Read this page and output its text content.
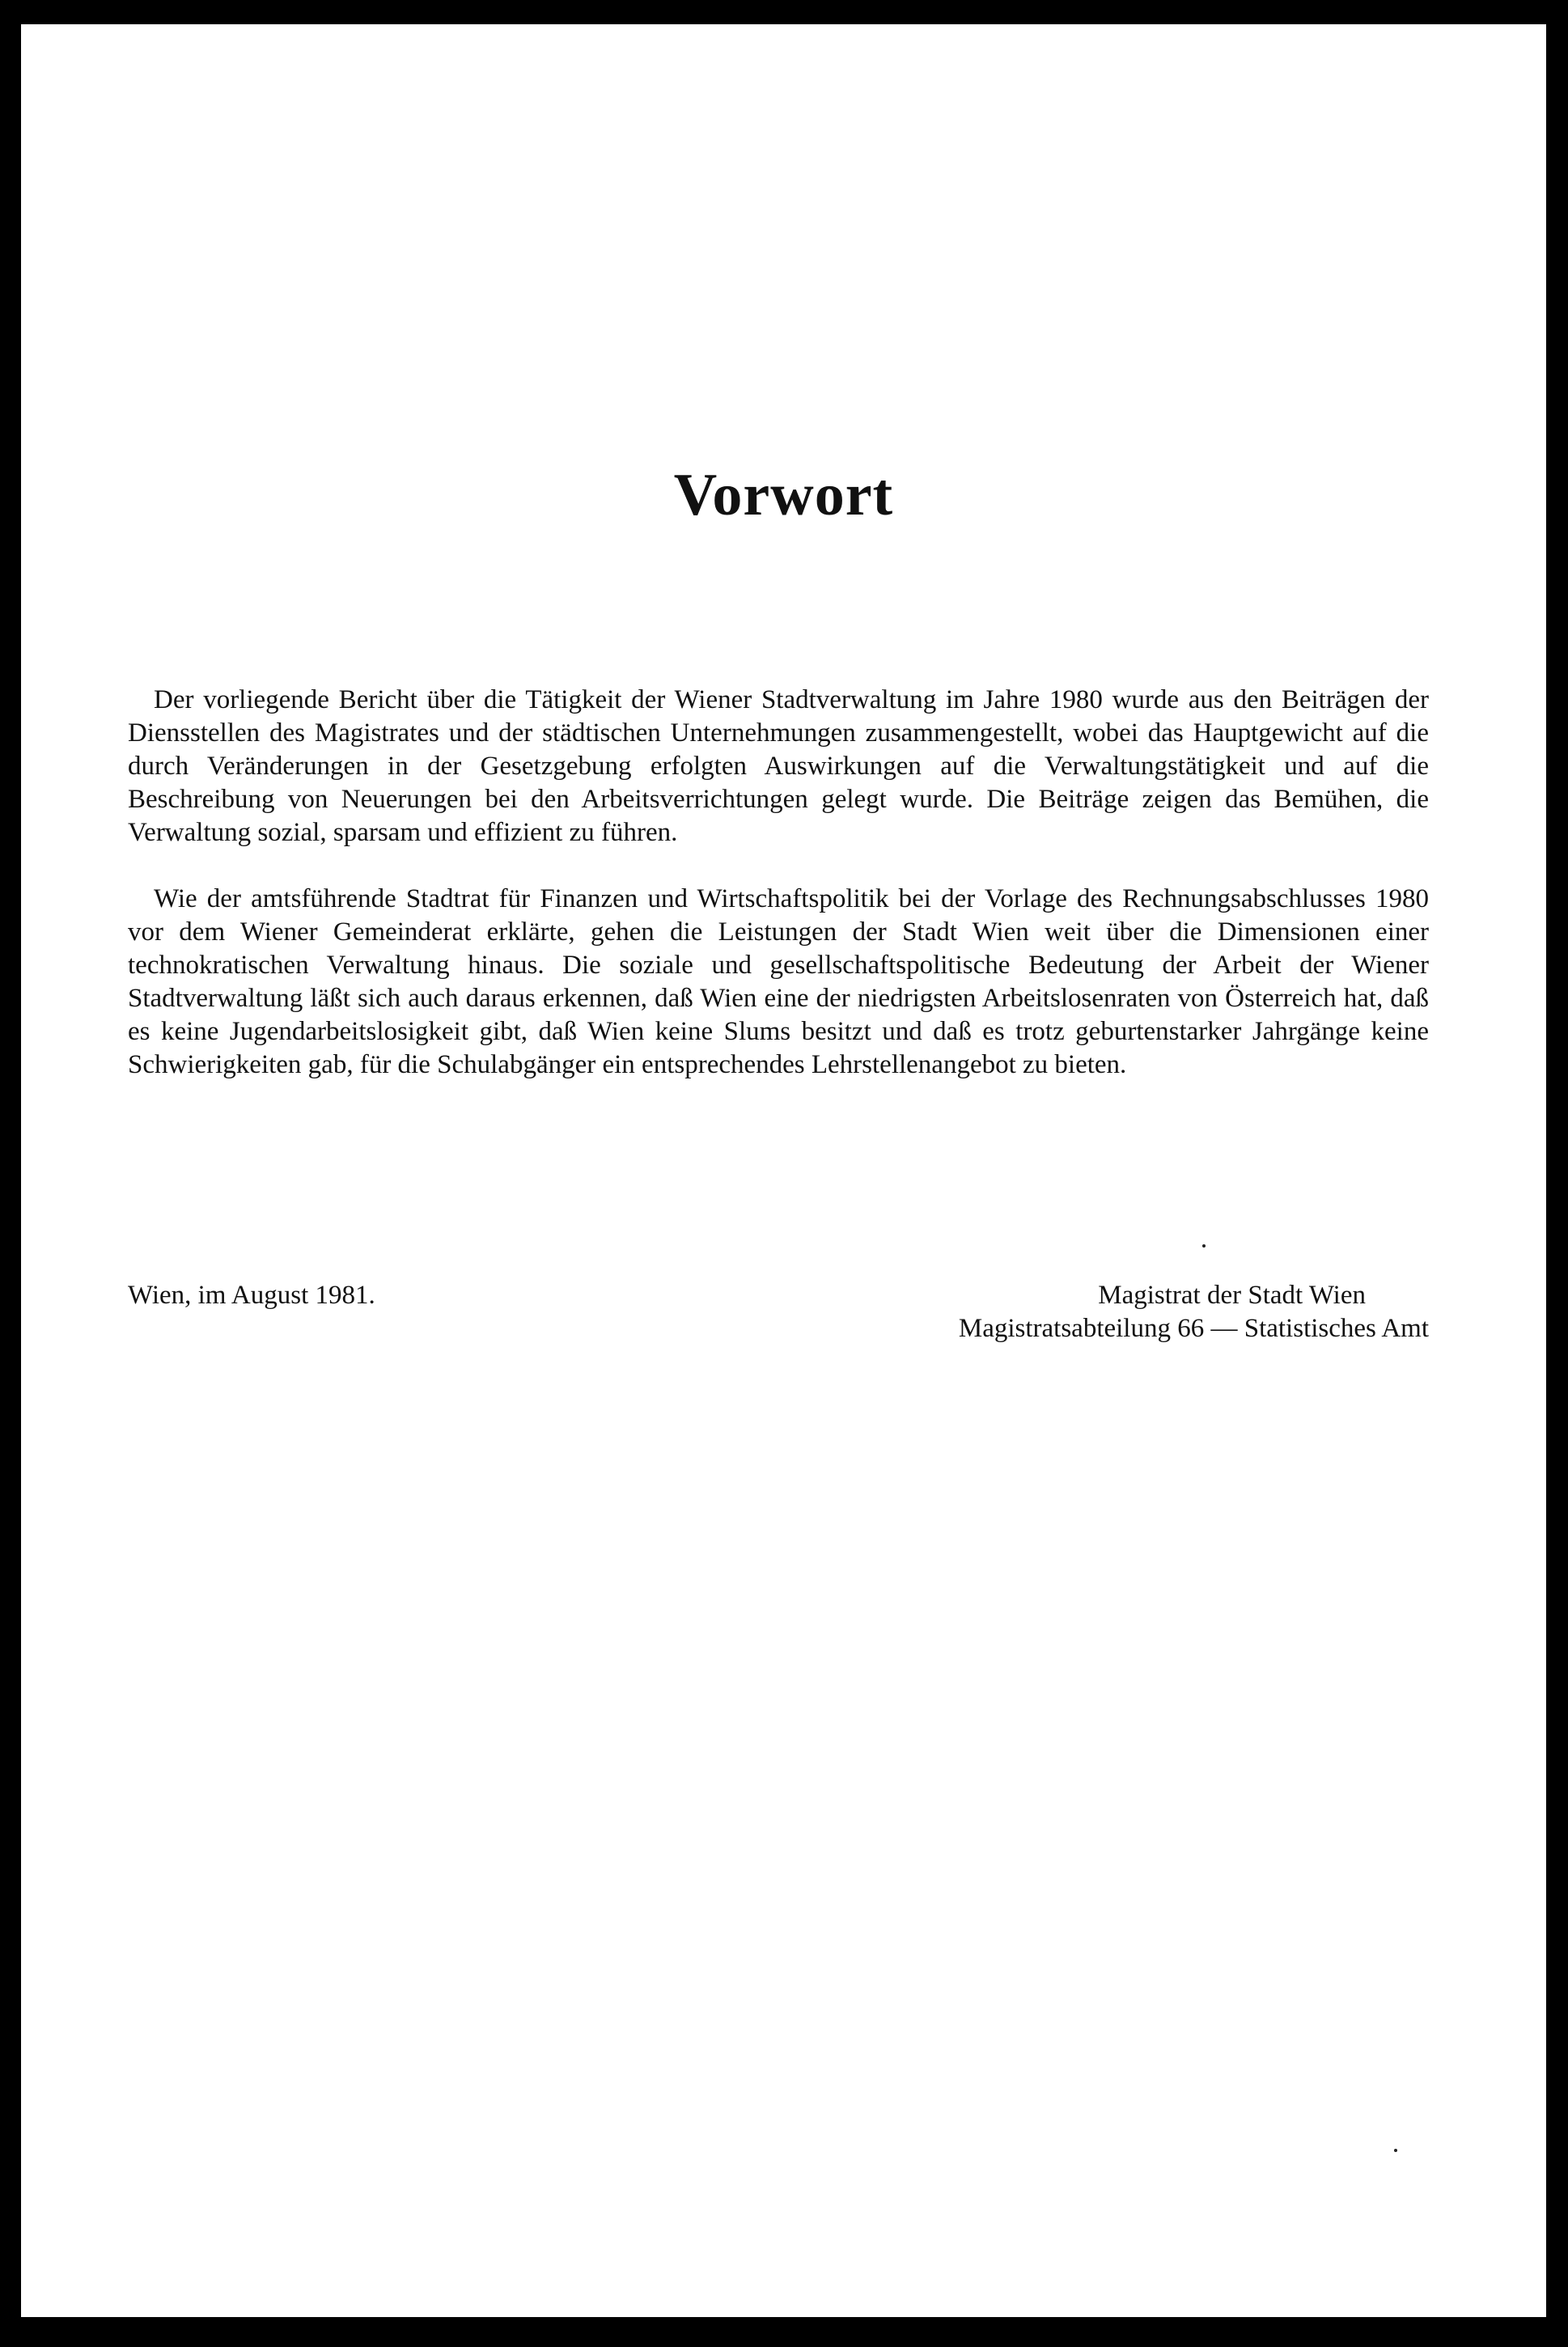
Vorwort

Der vorliegende Bericht über die Tätigkeit der Wiener Stadtverwaltung im Jahre 1980 wurde aus den Beiträgen der Diensstellen des Magistrates und der städtischen Unternehmungen zusammengestellt, wobei das Hauptgewicht auf die durch Veränderungen in der Gesetzgebung erfolgten Auswirkungen auf die Verwaltungstätigkeit und auf die Beschreibung von Neuerungen bei den Arbeitsverrichtungen gelegt wurde. Die Beiträge zeigen das Bemühen, die Verwaltung sozial, sparsam und effizient zu führen.

Wie der amtsführende Stadtrat für Finanzen und Wirtschaftspolitik bei der Vorlage des Rechnungsabschlusses 1980 vor dem Wiener Gemeinderat erklärte, gehen die Leistungen der Stadt Wien weit über die Dimensionen einer technokratischen Verwaltung hinaus. Die soziale und gesellschaftspolitische Bedeutung der Arbeit der Wiener Stadtverwaltung läßt sich auch daraus erkennen, daß Wien eine der niedrigsten Arbeitslosenraten von Österreich hat, daß es keine Jugendarbeitslosigkeit gibt, daß Wien keine Slums besitzt und daß es trotz geburtenstarker Jahrgänge keine Schwierigkeiten gab, für die Schulabgänger ein entsprechendes Lehrstellenangebot zu bieten.

Wien, im August 1981.	Magistrat der Stadt Wien
Magistratsabteilung 66 — Statistisches Amt
